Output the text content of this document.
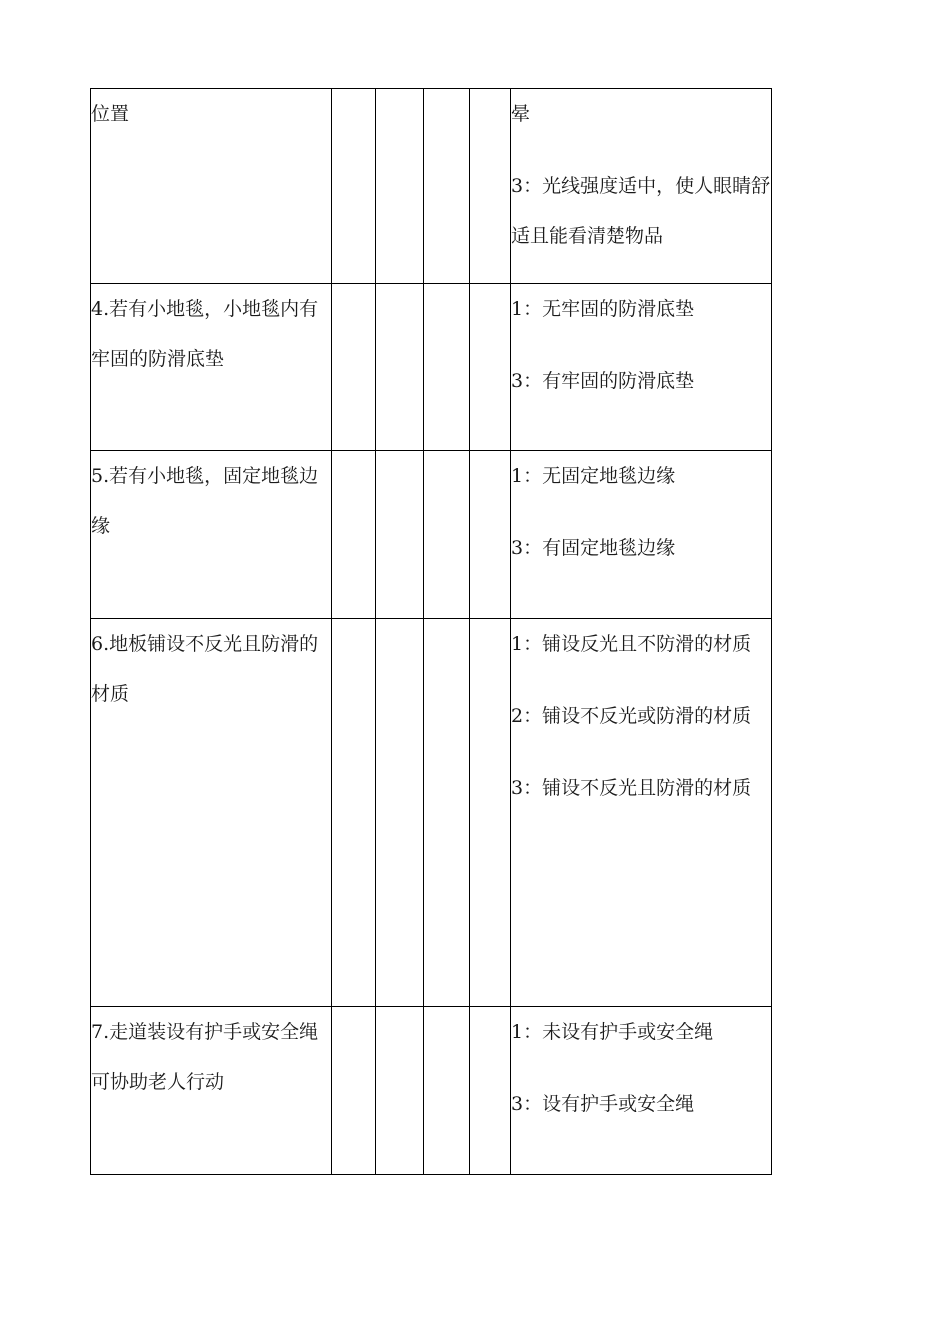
位置					晕

3：光线强度适中，使人眼睛舒适且能看清楚物品

4.若有小地毯，小地毯内有牢固的防滑底垫					1：无牢固的防滑底垫

3：有牢固的防滑底垫

5.若有小地毯，固定地毯边缘					1：无固定地毯边缘

3：有固定地毯边缘

6.地板铺设不反光且防滑的材质					1：铺设反光且不防滑的材质

2：铺设不反光或防滑的材质

3：铺设不反光且防滑的材质

7.走道装设有护手或安全绳可协助老人行动					1：未设有护手或安全绳

3：设有护手或安全绳
